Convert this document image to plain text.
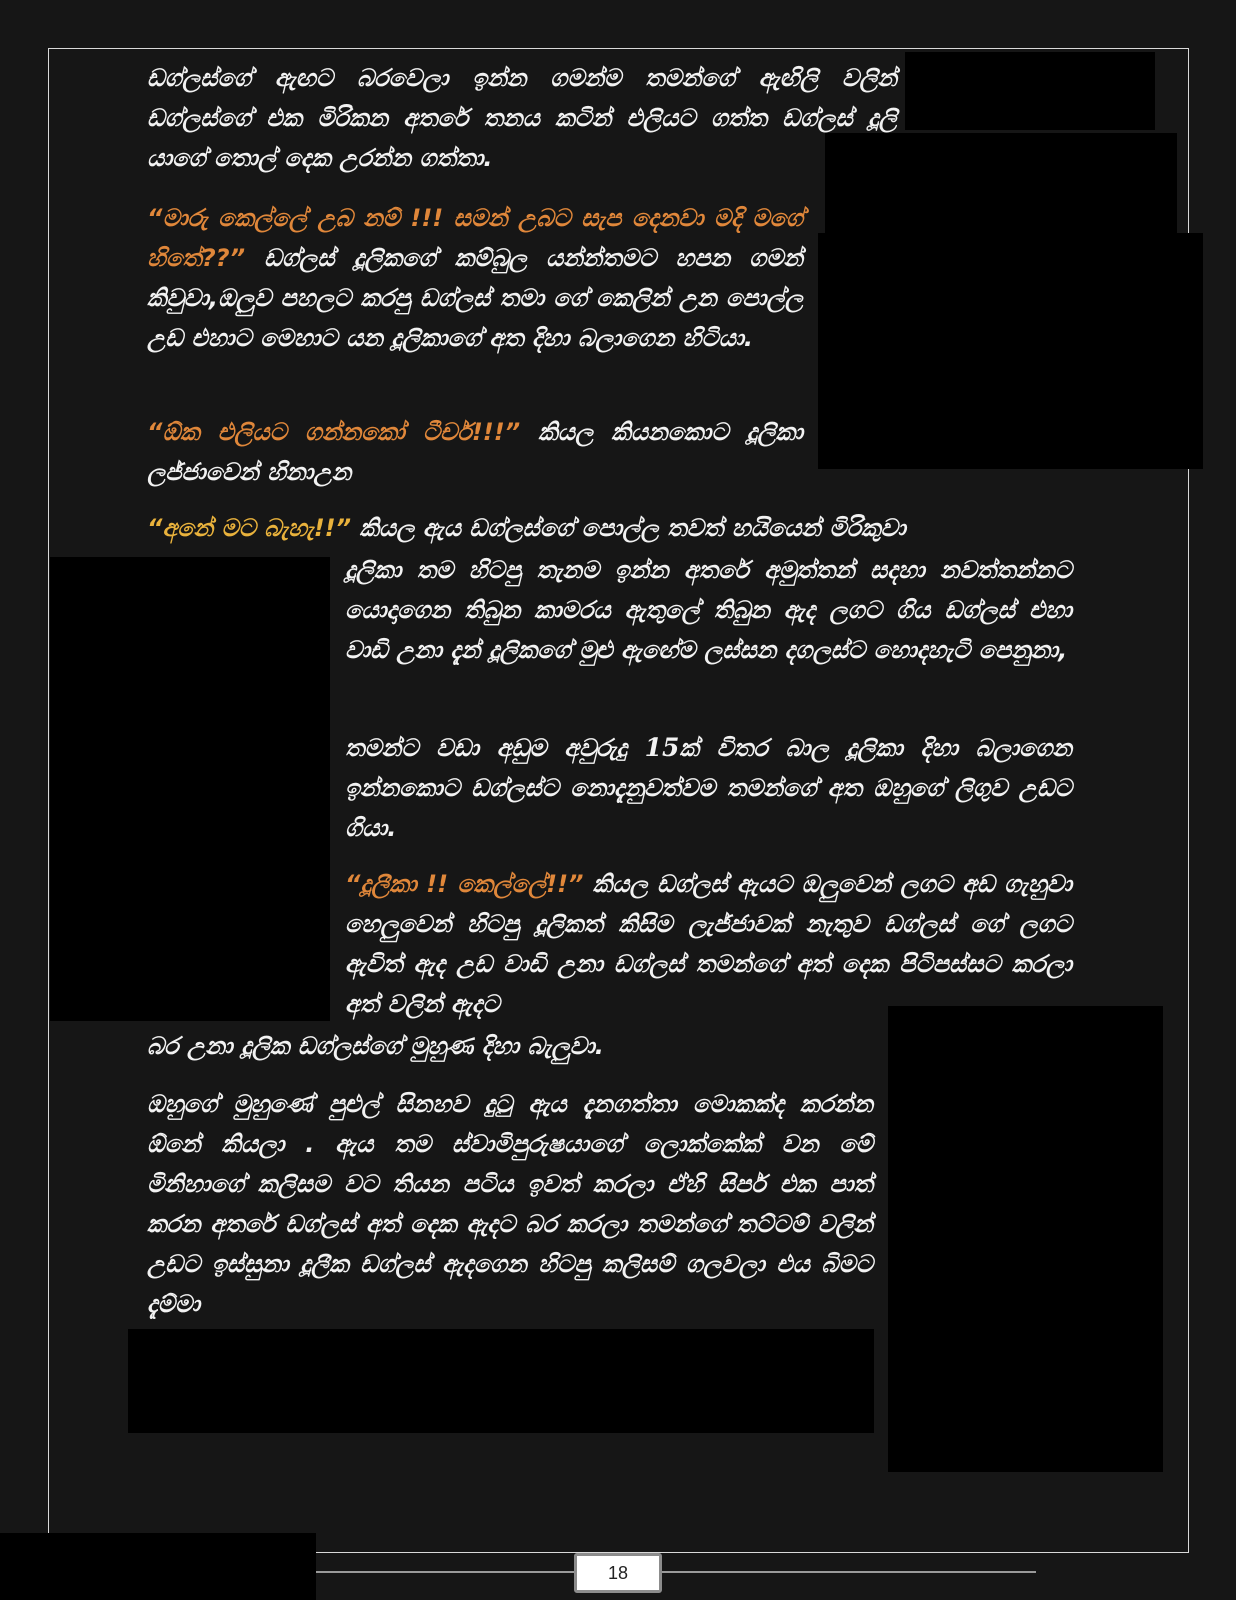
ඩග්ලස්ගේ ඇඟට බරවෙලා ඉන්න ගමන්ම තමන්ගේ ඇඟිලි වලින් ඩග්ලස්ගේ එක මිරිකන අතරේ තනය කටින් එලියට ගත්ත ඩග්ලස් දූලි යාගේ තොල් දෙක උරන්න ගත්තා.

“මාරු කෙල්ලේ උබ නම් !!! සමන් උබට සැප දෙනවා මදි මගේ හිතේ??” ඩග්ලස් දූලිකගේ කම්බුල යන්න්තමට හපන ගමන් කිවුවා,ඔලුව පහලට කරපු ඩග්ලස් තමා ගේ කෙලින් උන පොල්ල උඩ එහාට මෙහාට යන දූලිකාගේ අත දිහා බලාගෙන හිටියා.

“ඕක එලියට ගන්නකෝ ටීචර්!!!” කියල කියනකොට දූලිකා ලජ්ජාවෙන් හිනාඋන

“අනේ මට බැහැ!!” කියල ඇය ඩග්ලස්ගේ පොල්ල තවත් හයියෙන් මිරිකුවා

දූලිකා තම හිටපු තැනම ඉන්න අතරේ අමුත්තන් සදහා නවත්තන්නට යොදාගෙන තිබුන කාමරය ඇතුලේ තිබුන ඇද ලගට ගිය ඩග්ලස් එහා වාඩි උනා දැන් දූලිකගේ මුළු ඇඟේම ලස්සන දගලස්ට හොදහැටි පෙනුනා,

තමන්ට වඩා අඩුම අවුරුදු 15ක් විතර බාල දූලිකා දිහා බලාගෙන ඉන්නකොට ඩග්ලස්ට නොදැනුවත්වම තමන්ගේ අත ඔහුගේ ලිගුව උඩට ගියා.

“දූලීකා !! කෙල්ලේ!!” කියල ඩග්ලස් ඇයට ඔලුවෙන් ලගට අඩ ගැහුවා හෙලුවෙන් හිටපු දූලිකත් කිසිම ලැජ්ජාවක් නැතුව ඩග්ලස් ගේ ලගට ඇවිත් ඇද උඩ වාඩි උනා ඩග්ලස් තමන්ගේ අත් දෙක පිටිපස්සට කරලා අත් වලින් ඇදට

බර උනා දූලික ඩග්ලස්ගේ මුහුණ දිහා බැලුවා.

ඔහුගේ මුහුණේ පුළුල් සිනහව දුටු ඇය දැනගත්තා මොකක්ද කරන්න ඕනේ කියලා . ඇය තම ස්වාමිපුරුෂයාගේ ලොක්කේක් වන මේ මිනිහාගේ කලිසම වට තියන පටිය ඉවත් කරලා ඒහි සිපර් එක පාත් කරන අතරේ ඩග්ලස් අත් දෙක ඇදට බර කරලා තමන්ගේ තට්ටම් වලින් උඩට ඉස්සුනා දූලීක ඩග්ලස් ඇදගෙන හිටපු කලිසම් ගලවලා එය බිමට දැම්මා

18
